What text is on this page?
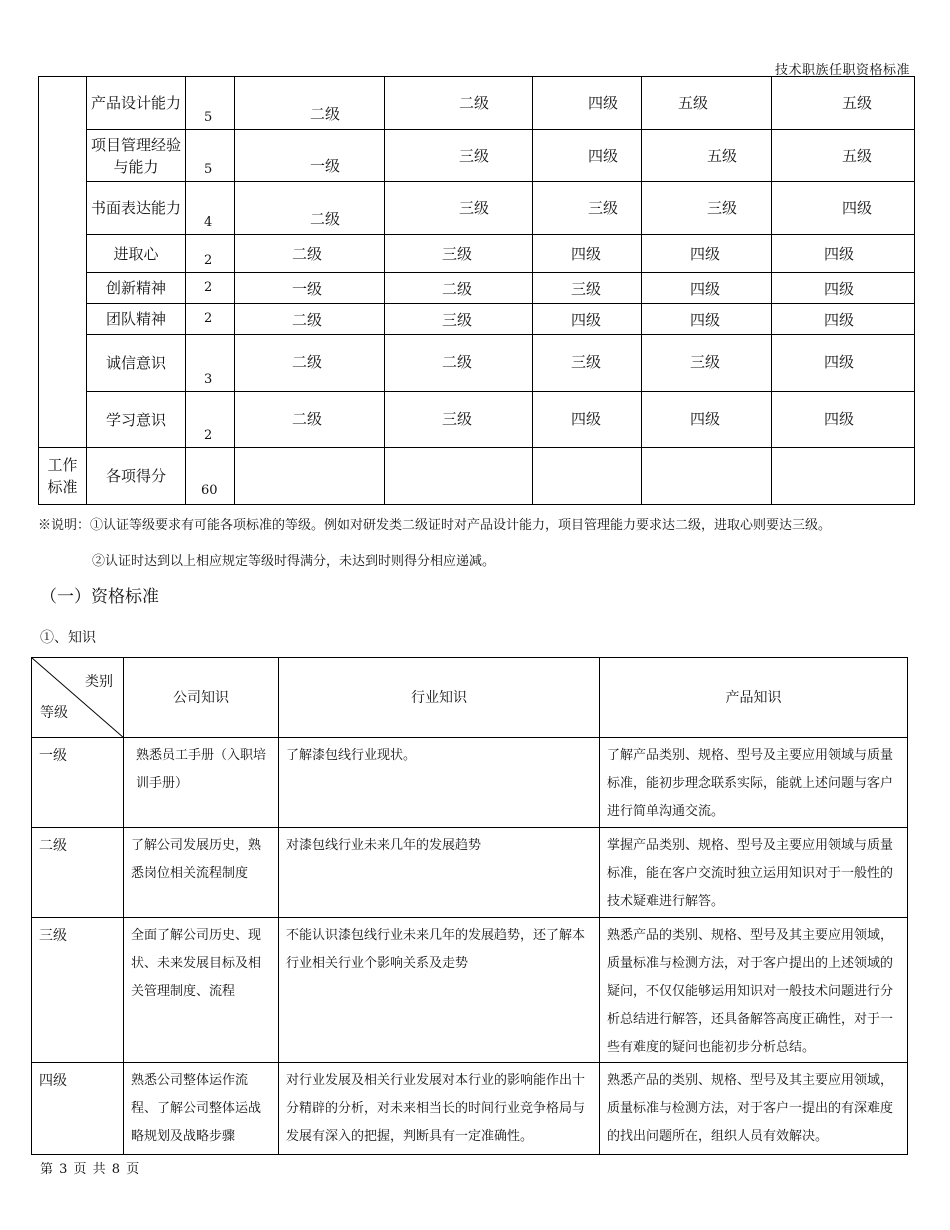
技术职族任职资格标准
	产品设计能力	5	二级	二级	四级	五级	五级

	项目管理经验与能力	5	一级	三级	四级	五级	五级

	书面表达能力	4	二级	三级	三级	三级	四级

	进取心	2	二级	三级	四级	四级	四级

	创新精神	2	一级	二级	三级	四级	四级

	团队精神	2	二级	三级	四级	四级	四级

	诚信意识	3	二级	二级	三级	三级	四级

	学习意识	2	二级	三级	四级	四级	四级

工作标准	各项得分	60					

※说明：①认证等级要求有可能各项标准的等级。例如对研发类二级证时对产品设计能力，项目管理能力要求达二级，进取心则要达三级。
②认证时达到以上相应规定等级时得满分，未达到时则得分相应递减。
（一）资格标准
①、知识
类别
等级	公司知识	行业知识	产品知识
一级	熟悉员工手册（入职培训手册）	了解漆包线行业现状。	了解产品类别、规格、型号及主要应用领域与质量标准，能初步理念联系实际，能就上述问题与客户进行简单沟通交流。
二级	了解公司发展历史，熟悉岗位相关流程制度	对漆包线行业未来几年的发展趋势	掌握产品类别、规格、型号及主要应用领域与质量标准，能在客户交流时独立运用知识对于一般性的技术疑难进行解答。
三级	全面了解公司历史、现状、未来发展目标及相关管理制度、流程	不能认识漆包线行业未来几年的发展趋势，还了解本行业相关行业个影响关系及走势	熟悉产品的类别、规格、型号及其主要应用领域，质量标准与检测方法，对于客户提出的上述领域的疑问，不仅仅能够运用知识对一般技术问题进行分析总结进行解答，还具备解答高度正确性，对于一些有难度的疑问也能初步分析总结。
四级	熟悉公司整体运作流程、了解公司整体运战略规划及战略步骤	对行业发展及相关行业发展对本行业的影响能作出十分精辟的分析，对未来相当长的时间行业竞争格局与发展有深入的把握，判断具有一定准确性。	熟悉产品的类别、规格、型号及其主要应用领域，质量标准与检测方法，对于客户一提出的有深难度的找出问题所在，组织人员有效解决。
第 3 页 共 8 页
